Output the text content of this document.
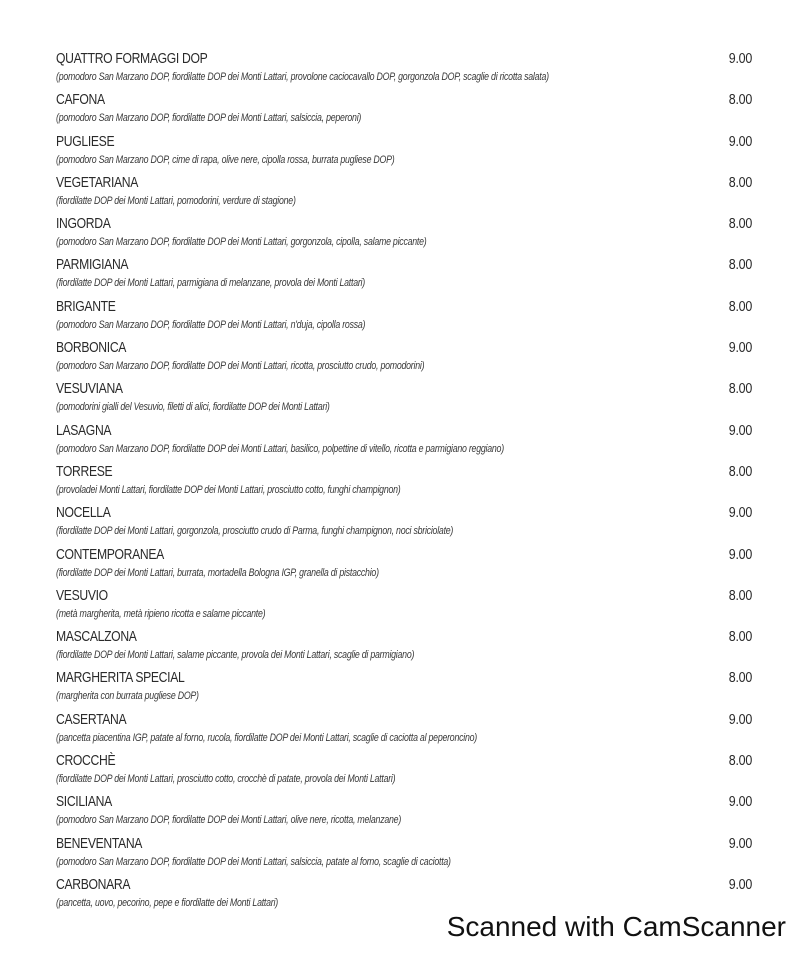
QUATTRO FORMAGGI DOP	9.00
(pomodoro San Marzano DOP, fiordilatte DOP dei Monti Lattari, provolone caciocavallo DOP, gorgonzola DOP, scaglie di ricotta salata)
CAFONA	8.00
(pomodoro San Marzano DOP, fiordilatte DOP dei Monti Lattari, salsiccia, peperoni)
PUGLIESE	9.00
(pomodoro San Marzano DOP, cime di rapa, olive nere, cipolla rossa, burrata pugliese DOP)
VEGETARIANA	8.00
(fiordilatte DOP dei Monti Lattari, pomodorini, verdure di stagione)
INGORDA	8.00
(pomodoro San Marzano DOP, fiordilatte DOP dei Monti Lattari, gorgonzola, cipolla, salame piccante)
PARMIGIANA	8.00
(fiordilatte DOP dei Monti Lattari, parmigiana di melanzane, provola dei Monti Lattari)
BRIGANTE	8.00
(pomodoro San Marzano DOP, fiordilatte DOP dei Monti Lattari, n'duja, cipolla rossa)
BORBONICA	9.00
(pomodoro San Marzano DOP, fiordilatte DOP dei Monti Lattari, ricotta, prosciutto crudo, pomodorini)
VESUVIANA	8.00
(pomodorini gialli del Vesuvio, filetti di alici, fiordilatte DOP dei Monti Lattari)
LASAGNA	9.00
(pomodoro San Marzano DOP, fiordilatte DOP dei Monti Lattari, basilico, polpettine di vitello, ricotta e parmigiano reggiano)
TORRESE	8.00
(provoladei Monti Lattari, fiordilatte DOP dei Monti Lattari, prosciutto cotto, funghi champignon)
NOCELLA	9.00
(fiordilatte DOP dei Monti Lattari, gorgonzola, prosciutto crudo di Parma, funghi champignon, noci sbriciolate)
CONTEMPORANEA	9.00
(fiordilatte DOP dei Monti Lattari, burrata, mortadella Bologna IGP, granella di pistacchio)
VESUVIO	8.00
(metà margherita, metà ripieno ricotta e salame piccante)
MASCALZONA	8.00
(fiordilatte DOP dei Monti Lattari, salame piccante, provola dei Monti Lattari, scaglie di parmigiano)
MARGHERITA SPECIAL	8.00
(margherita con burrata pugliese DOP)
CASERTANA	9.00
(pancetta piacentina IGP, patate al forno, rucola, fiordilatte DOP dei Monti Lattari, scaglie di caciotta al peperoncino)
CROCCHÈ	8.00
(fiordilatte DOP dei Monti Lattari, prosciutto cotto, crocchè di patate, provola dei Monti Lattari)
SICILIANA	9.00
(pomodoro San Marzano DOP, fiordilatte DOP dei Monti Lattari, olive nere, ricotta, melanzane)
BENEVENTANA	9.00
(pomodoro San Marzano DOP, fiordilatte DOP dei Monti Lattari, salsiccia, patate al forno, scaglie di caciotta)
CARBONARA	9.00
(pancetta, uovo, pecorino, pepe e fiordilatte dei Monti Lattari)
Scanned with CamScanner
